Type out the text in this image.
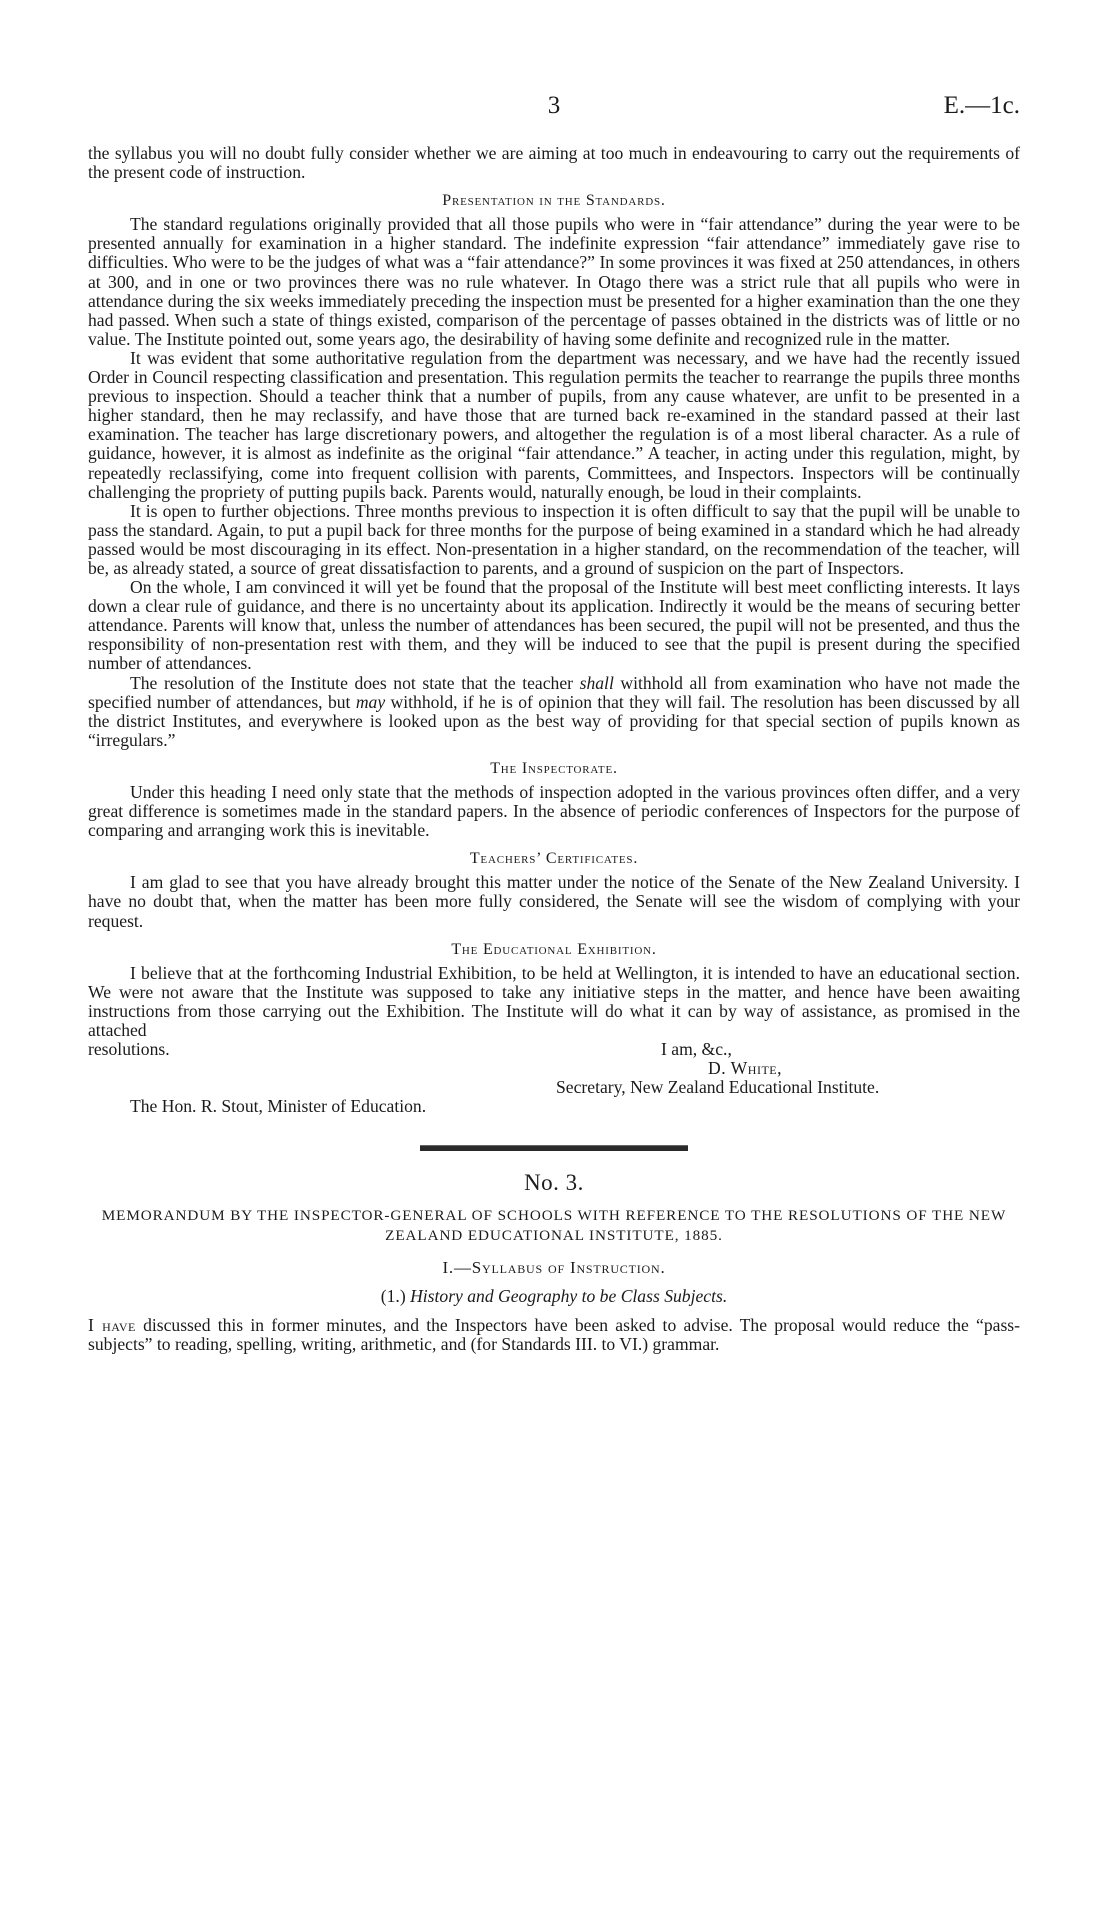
3	E.—1c.

the syllabus you will no doubt fully consider whether we are aiming at too much in endeavouring to carry out the requirements of the present code of instruction.

Presentation in the Standards.

The standard regulations originally provided that all those pupils who were in “fair attendance” during the year were to be presented annually for examination in a higher standard. The indefinite expression “fair attendance” immediately gave rise to difficulties. Who were to be the judges of what was a “fair attendance?” In some provinces it was fixed at 250 attendances, in others at 300, and in one or two provinces there was no rule whatever. In Otago there was a strict rule that all pupils who were in attendance during the six weeks immediately preceding the inspection must be presented for a higher examination than the one they had passed. When such a state of things existed, comparison of the percentage of passes obtained in the districts was of little or no value. The Institute pointed out, some years ago, the desirability of having some definite and recognized rule in the matter.

It was evident that some authoritative regulation from the department was necessary, and we have had the recently issued Order in Council respecting classification and presentation. This regulation permits the teacher to rearrange the pupils three months previous to inspection. Should a teacher think that a number of pupils, from any cause whatever, are unfit to be presented in a higher standard, then he may reclassify, and have those that are turned back re-examined in the standard passed at their last examination. The teacher has large discretionary powers, and altogether the regulation is of a most liberal character. As a rule of guidance, however, it is almost as indefinite as the original “fair attendance.” A teacher, in acting under this regulation, might, by repeatedly reclassifying, come into frequent collision with parents, Committees, and Inspectors. Inspectors will be continually challenging the propriety of putting pupils back. Parents would, naturally enough, be loud in their complaints.

It is open to further objections. Three months previous to inspection it is often difficult to say that the pupil will be unable to pass the standard. Again, to put a pupil back for three months for the purpose of being examined in a standard which he had already passed would be most discouraging in its effect. Non-presentation in a higher standard, on the recommendation of the teacher, will be, as already stated, a source of great dissatisfaction to parents, and a ground of suspicion on the part of Inspectors.

On the whole, I am convinced it will yet be found that the proposal of the Institute will best meet conflicting interests. It lays down a clear rule of guidance, and there is no uncertainty about its application. Indirectly it would be the means of securing better attendance. Parents will know that, unless the number of attendances has been secured, the pupil will not be presented, and thus the responsibility of non-presentation rest with them, and they will be induced to see that the pupil is present during the specified number of attendances.

The resolution of the Institute does not state that the teacher shall withhold all from examination who have not made the specified number of attendances, but may withhold, if he is of opinion that they will fail. The resolution has been discussed by all the district Institutes, and everywhere is looked upon as the best way of providing for that special section of pupils known as “irregulars.”

The Inspectorate.

Under this heading I need only state that the methods of inspection adopted in the various provinces often differ, and a very great difference is sometimes made in the standard papers. In the absence of periodic conferences of Inspectors for the purpose of comparing and arranging work this is inevitable.

Teachers’ Certificates.

I am glad to see that you have already brought this matter under the notice of the Senate of the New Zealand University. I have no doubt that, when the matter has been more fully considered, the Senate will see the wisdom of complying with your request.

The Educational Exhibition.

I believe that at the forthcoming Industrial Exhibition, to be held at Wellington, it is intended to have an educational section. We were not aware that the Institute was supposed to take any initiative steps in the matter, and hence have been awaiting instructions from those carrying out the Exhibition. The Institute will do what it can by way of assistance, as promised in the attached

resolutions.	I am, &c.,
D. White,
Secretary, New Zealand Educational Institute.
The Hon. R. Stout, Minister of Education.
No. 3.
MEMORANDUM BY THE INSPECTOR-GENERAL OF SCHOOLS WITH REFERENCE TO THE RESOLUTIONS OF THE NEW ZEALAND EDUCATIONAL INSTITUTE, 1885.
I.—Syllabus of Instruction.
(1.) History and Geography to be Class Subjects.

I have discussed this in former minutes, and the Inspectors have been asked to advise. The proposal would reduce the “pass-subjects” to reading, spelling, writing, arithmetic, and (for Standards III. to VI.) grammar.
